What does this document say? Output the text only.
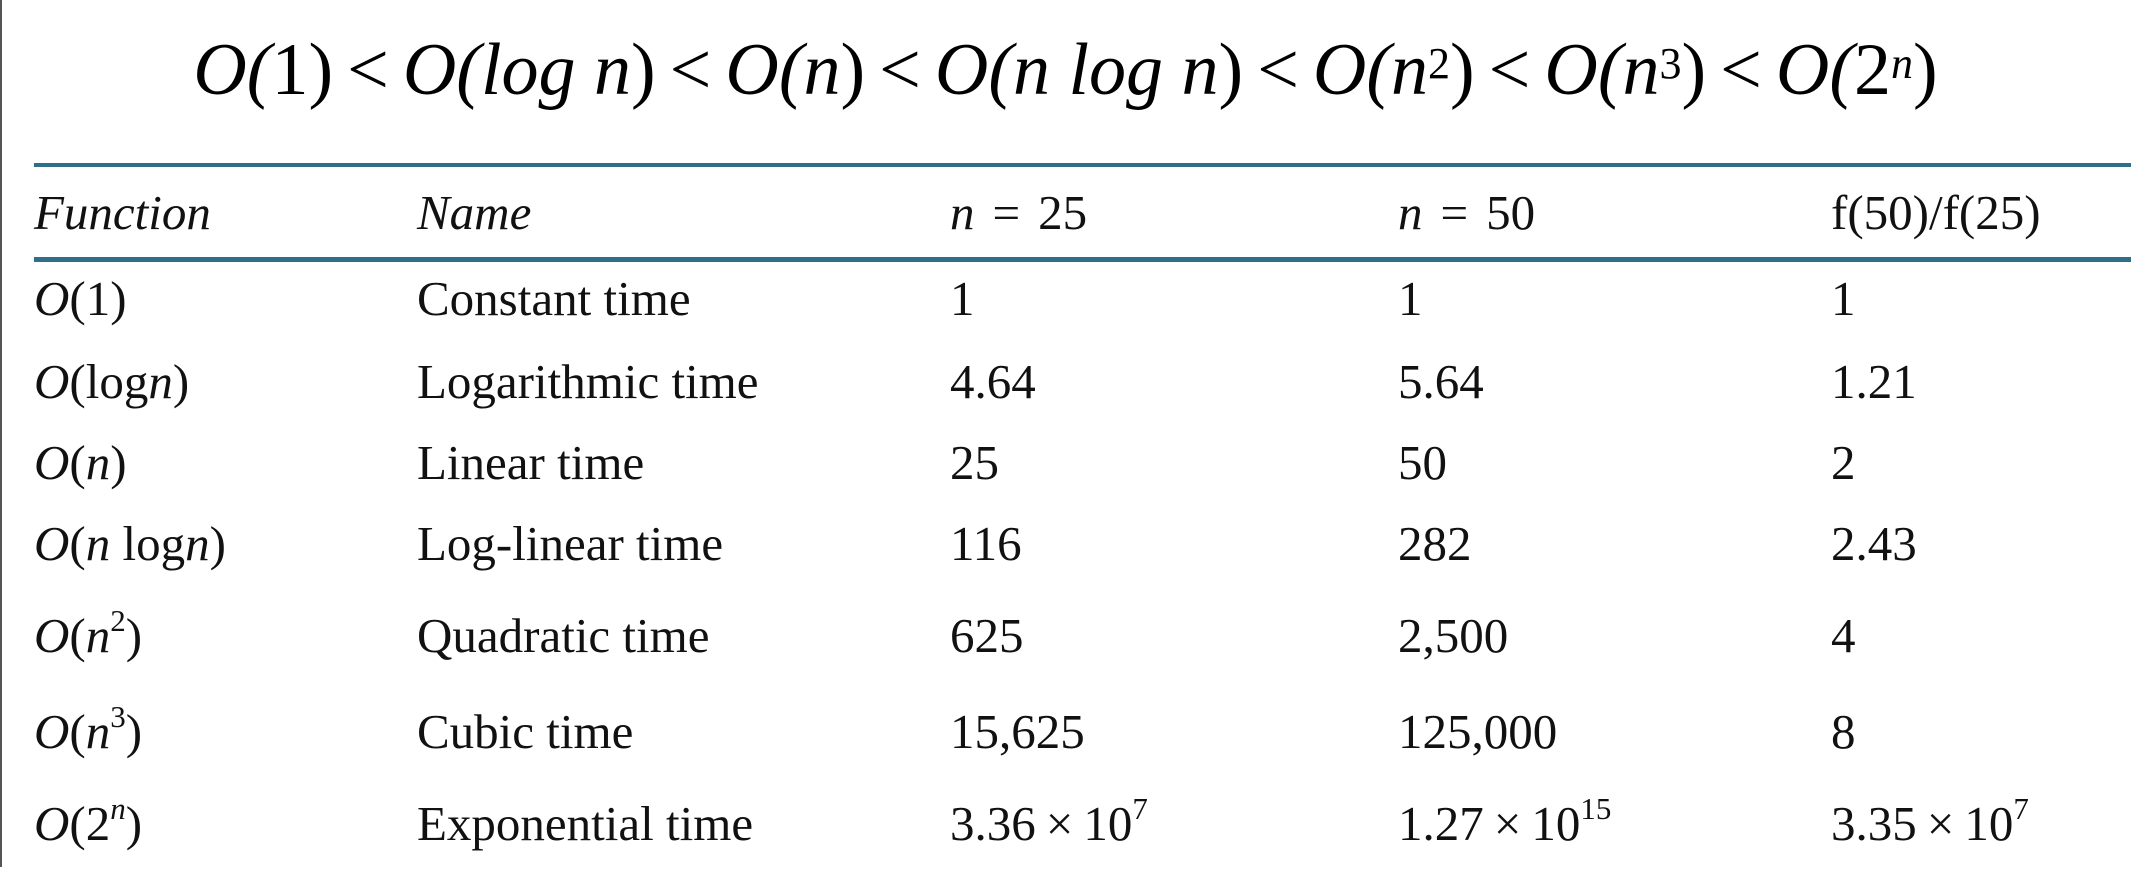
O(1) < O(log n) < O(n) < O(n $\log n) < O(n^2) < O(n^3) < O(2^n)$
Function	Name	n = 25	n = 50	f(50)/f(25)
O(1)	Constant time	1	1	1
O(logn)	Logarithmic time	4.64	5.64	1.21
O(n)	Linear time	25	50	2
O(n logn)	Log-linear time	116	282	2.43
$O(n^2)$	Quadratic time	625	2,500	4
$O(n^3)$	Cubic time	15,625	125,000	8
O(2$^n$)	Exponential time	$3.36 \times 10^7$	$1.27 \times 10^{15}$	$3.35 \times 10^7$
